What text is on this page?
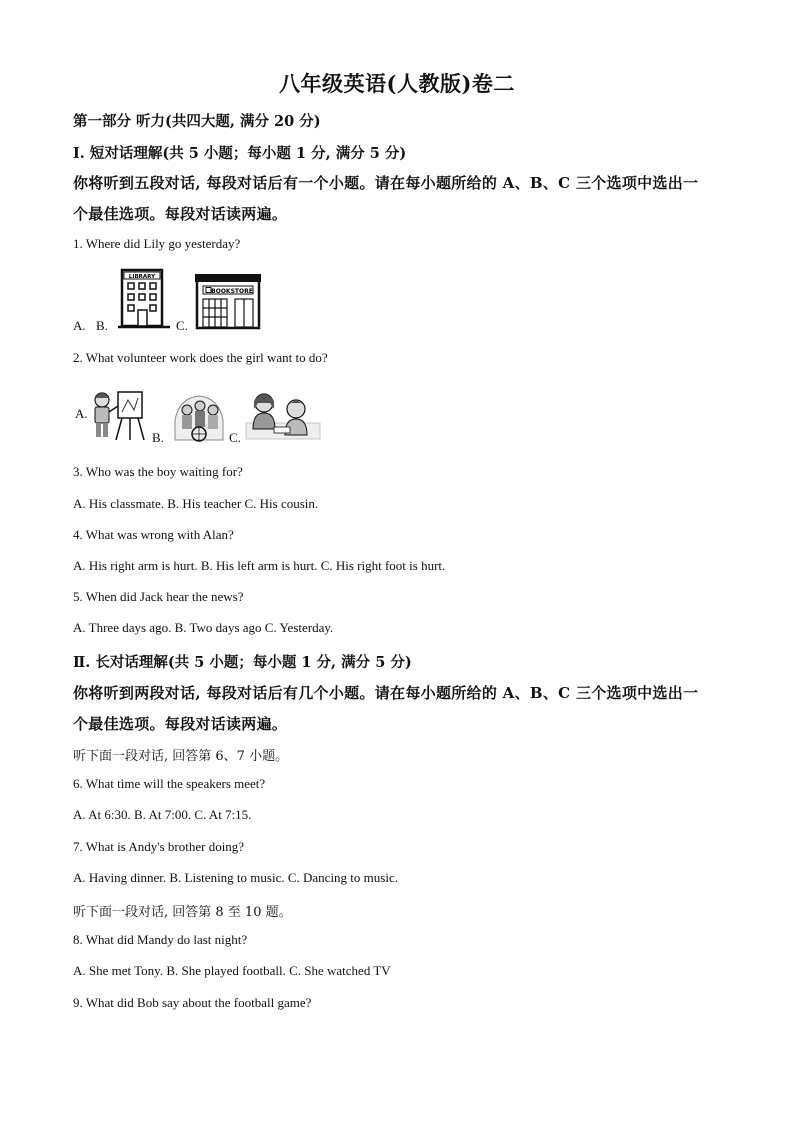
八年级英语(人教版)卷二
第一部分 听力(共四大题, 满分 20 分)
I. 短对话理解(共 5 小题；每小题 1 分, 满分 5 分)
你将听到五段对话, 每段对话后有一个小题。请在每小题所给的 A、B、C 三个选项中选出一
个最佳选项。每段对话读两遍。
1. Where did Lily go yesterday?
A. B.
LIBRARY
C.
BOOKSTORE
2. What volunteer work does the girl want to do?
A.
B.	C.
3. Who was the boy waiting for?
A. His classmate. B. His teacher C. His cousin.
4. What was wrong with Alan?
A. His right arm is hurt. B. His left arm is hurt. C. His right foot is hurt.
5. When did Jack hear the news?
A. Three days ago. B. Two days ago C. Yesterday.
Ⅱ. 长对话理解(共 5 小题；每小题 1 分, 满分 5 分)
你将听到两段对话, 每段对话后有几个小题。请在每小题所给的 A、B、C 三个选项中选出一
个最佳选项。每段对话读两遍。
听下面一段对话, 回答第 6、7 小题。
6. What time will the speakers meet?
A. At 6:30. B. At 7:00. C. At 7:15.
7. What is Andy's brother doing?
A. Having dinner. B. Listening to music. C. Dancing to music.
听下面一段对话, 回答第 8 至 10 题。
8. What did Mandy do last night?
A. She met Tony. B. She played football. C. She watched TV
9. What did Bob say about the football game?
